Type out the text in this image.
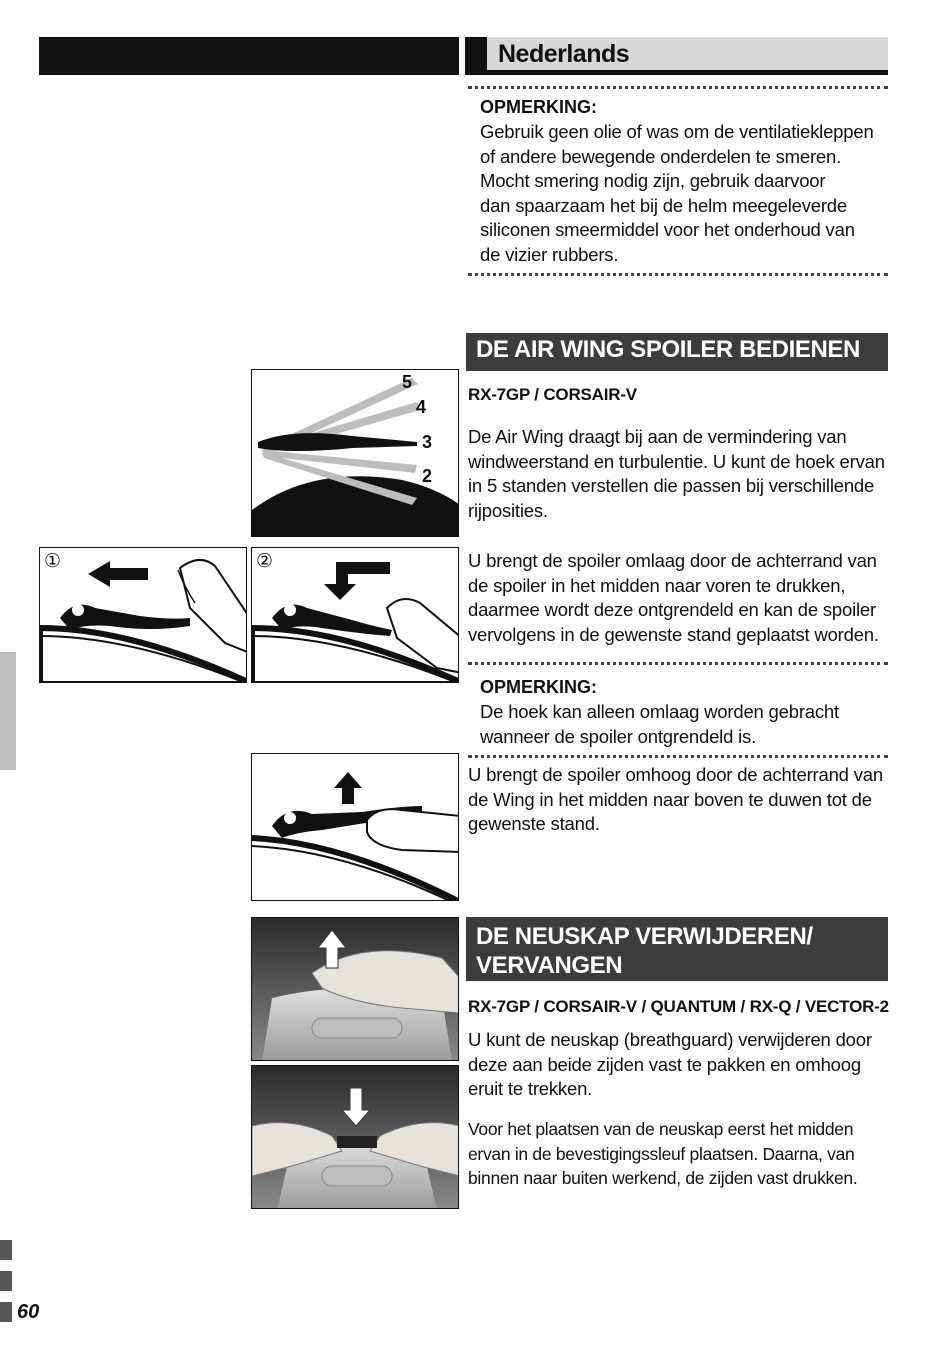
Nederlands
OPMERKING:
Gebruik geen olie of was om de ventilatiekleppen
of andere bewegende onderdelen te smeren.
Mocht smering nodig zijn, gebruik daarvoor
dan spaarzaam het bij de helm meegeleverde
siliconen smeermiddel voor het onderhoud van
de vizier rubbers.
DE AIR WING SPOILER BEDIENEN
RX-7GP / CORSAIR-V
De Air Wing draagt bij aan de vermindering van
windweerstand en turbulentie. U kunt de hoek ervan
in 5 standen verstellen die passen bij verschillende
rijposities.
U brengt de spoiler omlaag door de achterrand van
de spoiler in het midden naar voren te drukken,
daarmee wordt deze ontgrendeld en kan de spoiler
vervolgens in de gewenste stand geplaatst worden.
OPMERKING:
De hoek kan alleen omlaag worden gebracht
wanneer de spoiler ontgrendeld is.
U brengt de spoiler omhoog door de achterrand van
de Wing in het midden naar boven te duwen tot de
gewenste stand.
5
4
3
2
1
①	②
DE NEUSKAP VERWIJDEREN/
VERVANGEN
RX-7GP / CORSAIR-V / QUANTUM / RX-Q / VECTOR-2
U kunt de neuskap (breathguard) verwijderen door
deze aan beide zijden vast te pakken en omhoog
eruit te trekken.
Voor het plaatsen van de neuskap eerst het midden
ervan in de bevestigingssleuf plaatsen. Daarna, van
binnen naar buiten werkend, de zijden vast drukken.
60
